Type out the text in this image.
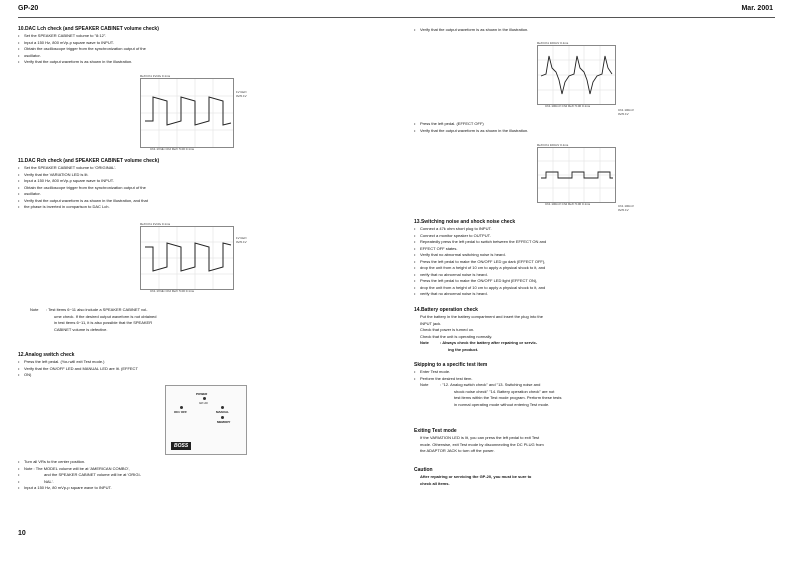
GP-20	Mar. 2001
10.DAC Lch check (and SPEAKER CABINET volume check)
• Set the SPEAKER CABINET volume to "8:12".
• Input a 150 Hz, 800 mVp-p square wave to INPUT.
• Obtain the oscilloscope trigger from the synchronization output of the
• oscillator.
• Verify that the output waveform is as shown in the illustration.
Ref=Ch1 1V/div 0.1ms
1V Ref=
0V/0.1V
Ch1 1V/div Ch2 Ref= 5.00 0.1ms
11.DAC Rch check (and SPEAKER CABINET volume check)
• Set the SPEAKER CABINET volume to 'ORIGINAL'.
• Verify that the VARIATION LED is lit.
• Input a 150 Hz, 800 mVp-p square wave to INPUT.
• Obtain the oscilloscope trigger from the synchronization output of the
• oscillator.
• Verify that the output waveform is as shown in the illustration, and that
• the phase is inverted in comparison to DAC Lch.
Ref=Ch1 1V/div 0.1ms
1V Ref=
0V/0.1V
Ch1 1V/div Ch2 Ref= 5.00 0.1ms
Note : Test items 6~11 also include a SPEAKER CABINET vol-
ume check. If the desired output waveform is not obtained
in test items 6~11, it is also possible that the SPEAKER
CABINET volume is defective.
12.Analog switch check
• Press the left pedal. (You will exit Test mode.)
• Verify that the ON/OFF LED and MANUAL LED are lit. (EFFECT
• ON)
POWER
GP-20
ON / OFF	MANUAL
MEMORY
BOSS
• Turn all VRs to the center position.
• Note : The MODEL volume will be at 'AMERICAN COMBO',
• and the SPEAKER CABINET volume will be at 'ORIGI-
• NAL'.
• Input a 150 Hz, 80 mVp-p square wave to INPUT.
10
• Verify that the output waveform is as shown in the illustration.
Ref=Ch1 100mV 0.1ms
Ch1 100mV
0V/0.1V
Ch1 100mV Ch2 Ref= 5.00 0.1ms
• Press the left pedal. (EFFECT OFF)
• Verify that the output waveform is as shown in the illustration.
Ref=Ch1 100mV 0.1ms
Ch1 100mV
0V/0.1V
Ch1 100mV Ch2 Ref= 5.00 0.1ms
13.Switching noise and shock noise check
• Connect a 47k ohm short plug to INPUT.
• Connect a monitor speaker to OUTPUT.
• Repeatedly press the left pedal to switch between the EFFECT ON and
• EFFECT OFF states.
• Verify that no abnormal switching noise is heard.
• Press the left pedal to make the ON/OFF LED go dark (EFFECT OFF),
• drop the unit from a height of 10 cm to apply a physical shock to it, and
• verify that no abnormal noise is heard.
• Press the left pedal to make the ON/OFF LED light (EFFECT ON),
• drop the unit from a height of 10 cm to apply a physical shock to it, and
• verify that no abnormal noise is heard.
14.Battery operation check
Put the battery in the battery compartment and insert the plug into the
INPUT jack.
Check that power is turned on.
Check that the unit is operating normally.
Note	: Always check the battery after repairing or servic-
ing the product.
Skipping to a specific test item
• Enter Test mode.
• Perform the desired test item.
Note	: "12. Analog switch check" and "13. Switching noise and
shock noise check" "14. Battery operation check" are not
test items within the Test mode program. Perform these tests
in normal operating mode without entering Test mode.
Exiting Test mode
If the VARIATION LED is lit, you can press the left pedal to exit Test
mode. Otherwise, exit Test mode by disconnecting the DC PLUG from
the ADAPTOR JACK to turn off the power.
Caution
After repairing or servicing the GP-20, you must be sure to
check all items.
